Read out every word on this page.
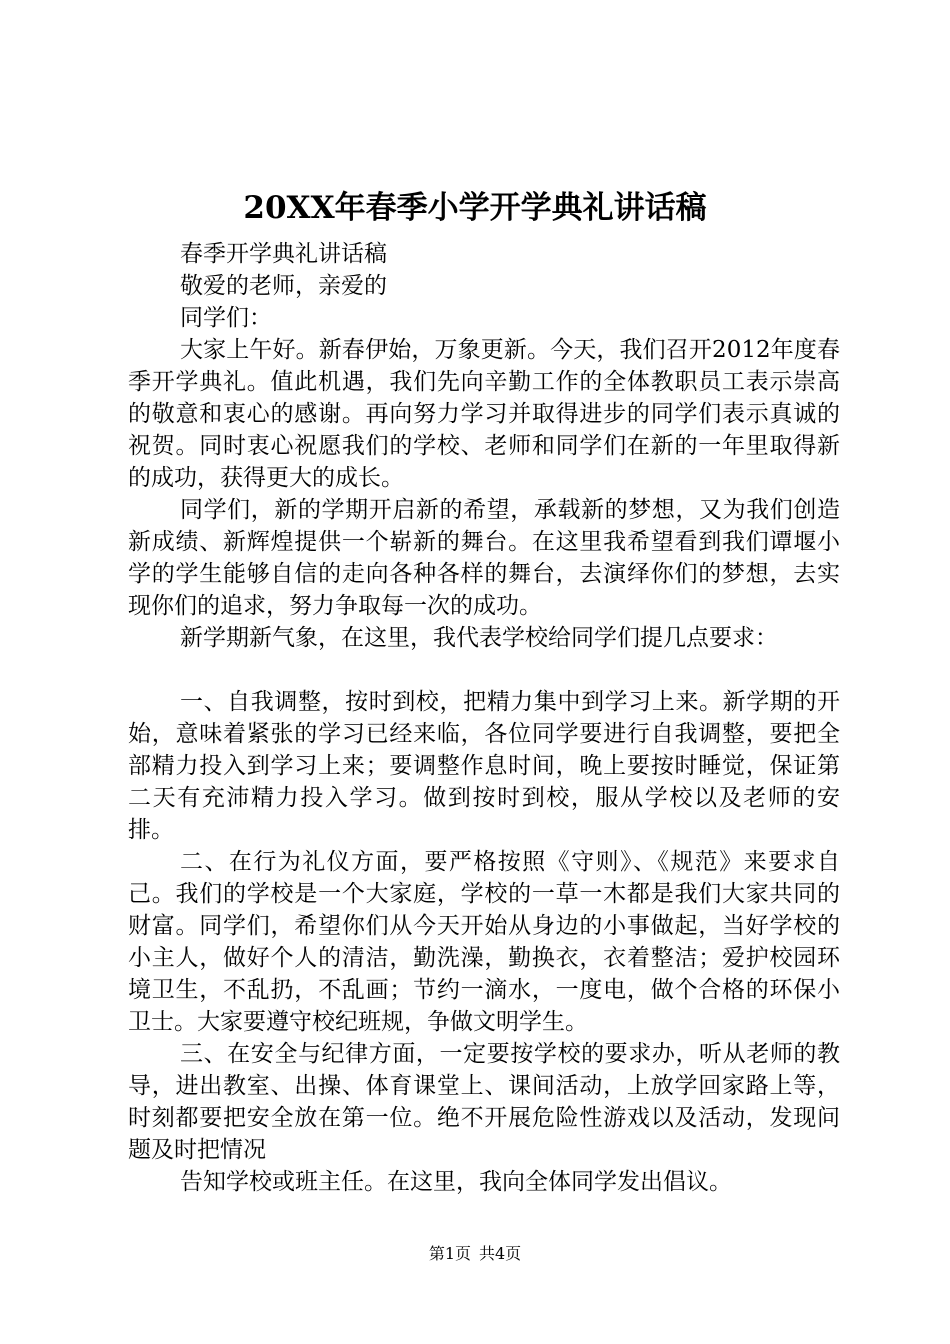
20XX年春季小学开学典礼讲话稿

春季开学典礼讲话稿

敬爱的老师，亲爱的

同学们：

大家上午好。新春伊始，万象更新。今天，我们召开2012年度春季开学典礼。值此机遇，我们先向辛勤工作的全体教职员工表示崇高的敬意和衷心的感谢。再向努力学习并取得进步的同学们表示真诚的祝贺。同时衷心祝愿我们的学校、老师和同学们在新的一年里取得新的成功，获得更大的成长。

同学们，新的学期开启新的希望，承载新的梦想，又为我们创造新成绩、新辉煌提供一个崭新的舞台。在这里我希望看到我们谭堰小学的学生能够自信的走向各种各样的舞台，去演绎你们的梦想，去实现你们的追求，努力争取每一次的成功。

新学期新气象，在这里，我代表学校给同学们提几点要求：

一、自我调整，按时到校，把精力集中到学习上来。新学期的开始，意味着紧张的学习已经来临，各位同学要进行自我调整，要把全部精力投入到学习上来；要调整作息时间，晚上要按时睡觉，保证第二天有充沛精力投入学习。做到按时到校，服从学校以及老师的安排。

二、在行为礼仪方面，要严格按照《守则》、《规范》来要求自己。我们的学校是一个大家庭，学校的一草一木都是我们大家共同的财富。同学们，希望你们从今天开始从身边的小事做起，当好学校的小主人，做好个人的清洁，勤洗澡，勤换衣，衣着整洁；爱护校园环境卫生，不乱扔，不乱画；节约一滴水，一度电，做个合格的环保小卫士。大家要遵守校纪班规，争做文明学生。

三、在安全与纪律方面，一定要按学校的要求办，听从老师的教导，进出教室、出操、体育课堂上、课间活动，上放学回家路上等，时刻都要把安全放在第一位。绝不开展危险性游戏以及活动，发现问题及时把情况

告知学校或班主任。在这里，我向全体同学发出倡议。

第1页 共4页
